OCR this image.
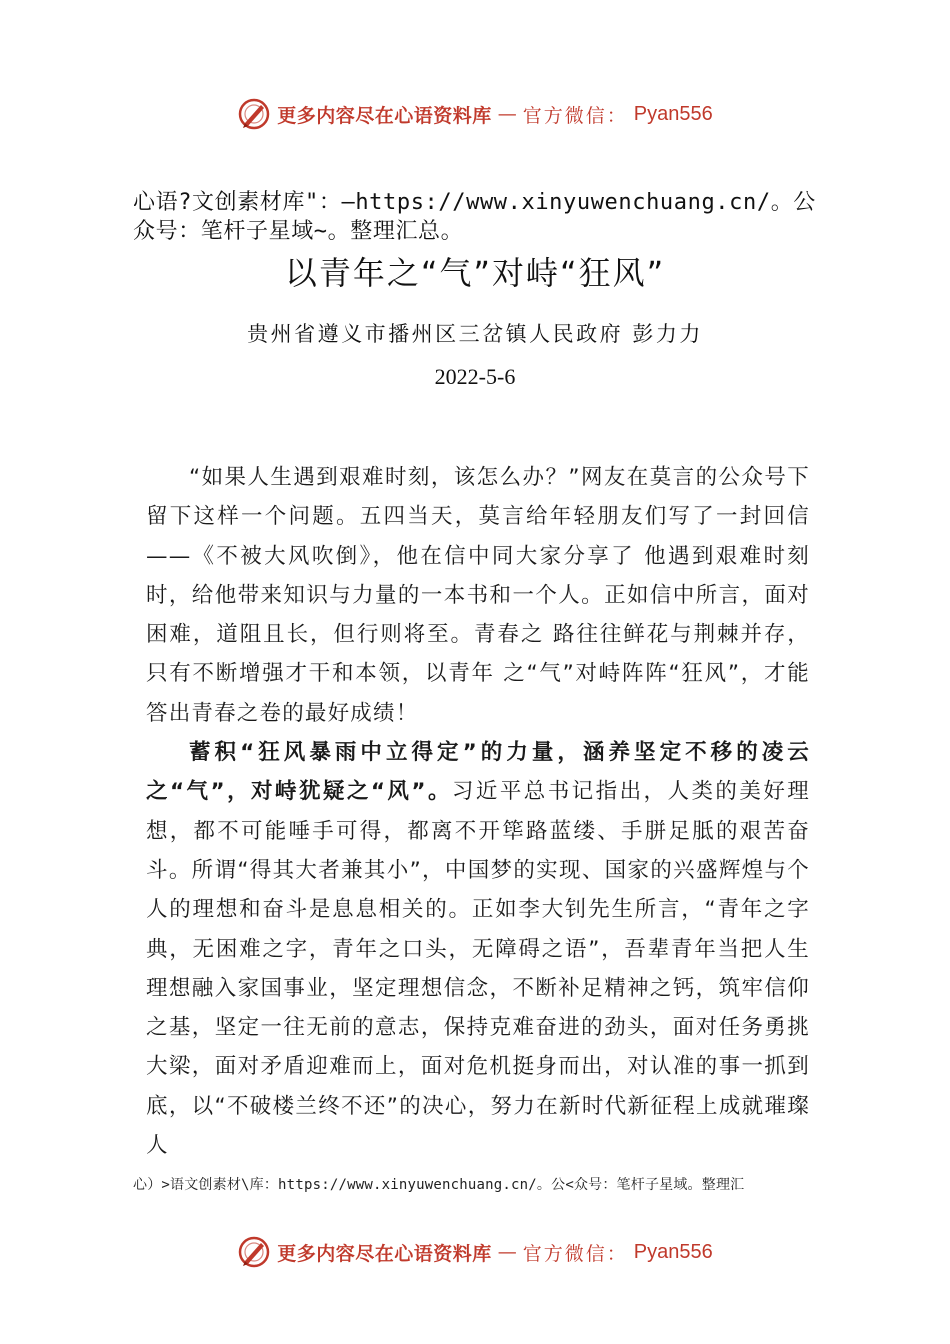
更多内容尽在心语资料库 — 官方微信： Pyan556
心语?文创素材库"：—https://www.xinyuwenchuang.cn/。公众号：笔杆子星域~。整理汇总。
以青年之“气”对峙“狂风”
贵州省遵义市播州区三岔镇人民政府 彭力力
2022-5-6

“如果人生遇到艰难时刻，该怎么办？”网友在莫言的公众号下留下这样一个问题。五四当天，莫言给年轻朋友们写了一封回信——《不被大风吹倒》，他在信中同大家分享了 他遇到艰难时刻时，给他带来知识与力量的一本书和一个人。正如信中所言，面对困难，道阻且长，但行则将至。青春之 路往往鲜花与荆棘并存，只有不断增强才干和本领，以青年 之“气”对峙阵阵“狂风”，才能答出青春之卷的最好成绩！

蓄积“狂风暴雨中立得定”的力量，涵养坚定不移的凌云之“气”，对峙犹疑之“风”。习近平总书记指出，人类的美好理想，都不可能唾手可得，都离不开筚路蓝缕、手胼足胝的艰苦奋斗。所谓“得其大者兼其小”，中国梦的实现、国家的兴盛辉煌与个人的理想和奋斗是息息相关的。正如李大钊先生所言，“青年之字典，无困难之字，青年之口头，无障碍之语”，吾辈青年当把人生理想融入家国事业，坚定理想信念，不断补足精神之钙，筑牢信仰之基，坚定一往无前的意志，保持克难奋进的劲头，面对任务勇挑大梁，面对矛盾迎难而上，面对危机挺身而出，对认准的事一抓到底，以“不破楼兰终不还”的决心，努力在新时代新征程上成就璀璨人

心）>语文创素材\库：https://www.xinyuwenchuang.cn/。公<众号：笔杆子星域。整理汇
更多内容尽在心语资料库 — 官方微信： Pyan556
